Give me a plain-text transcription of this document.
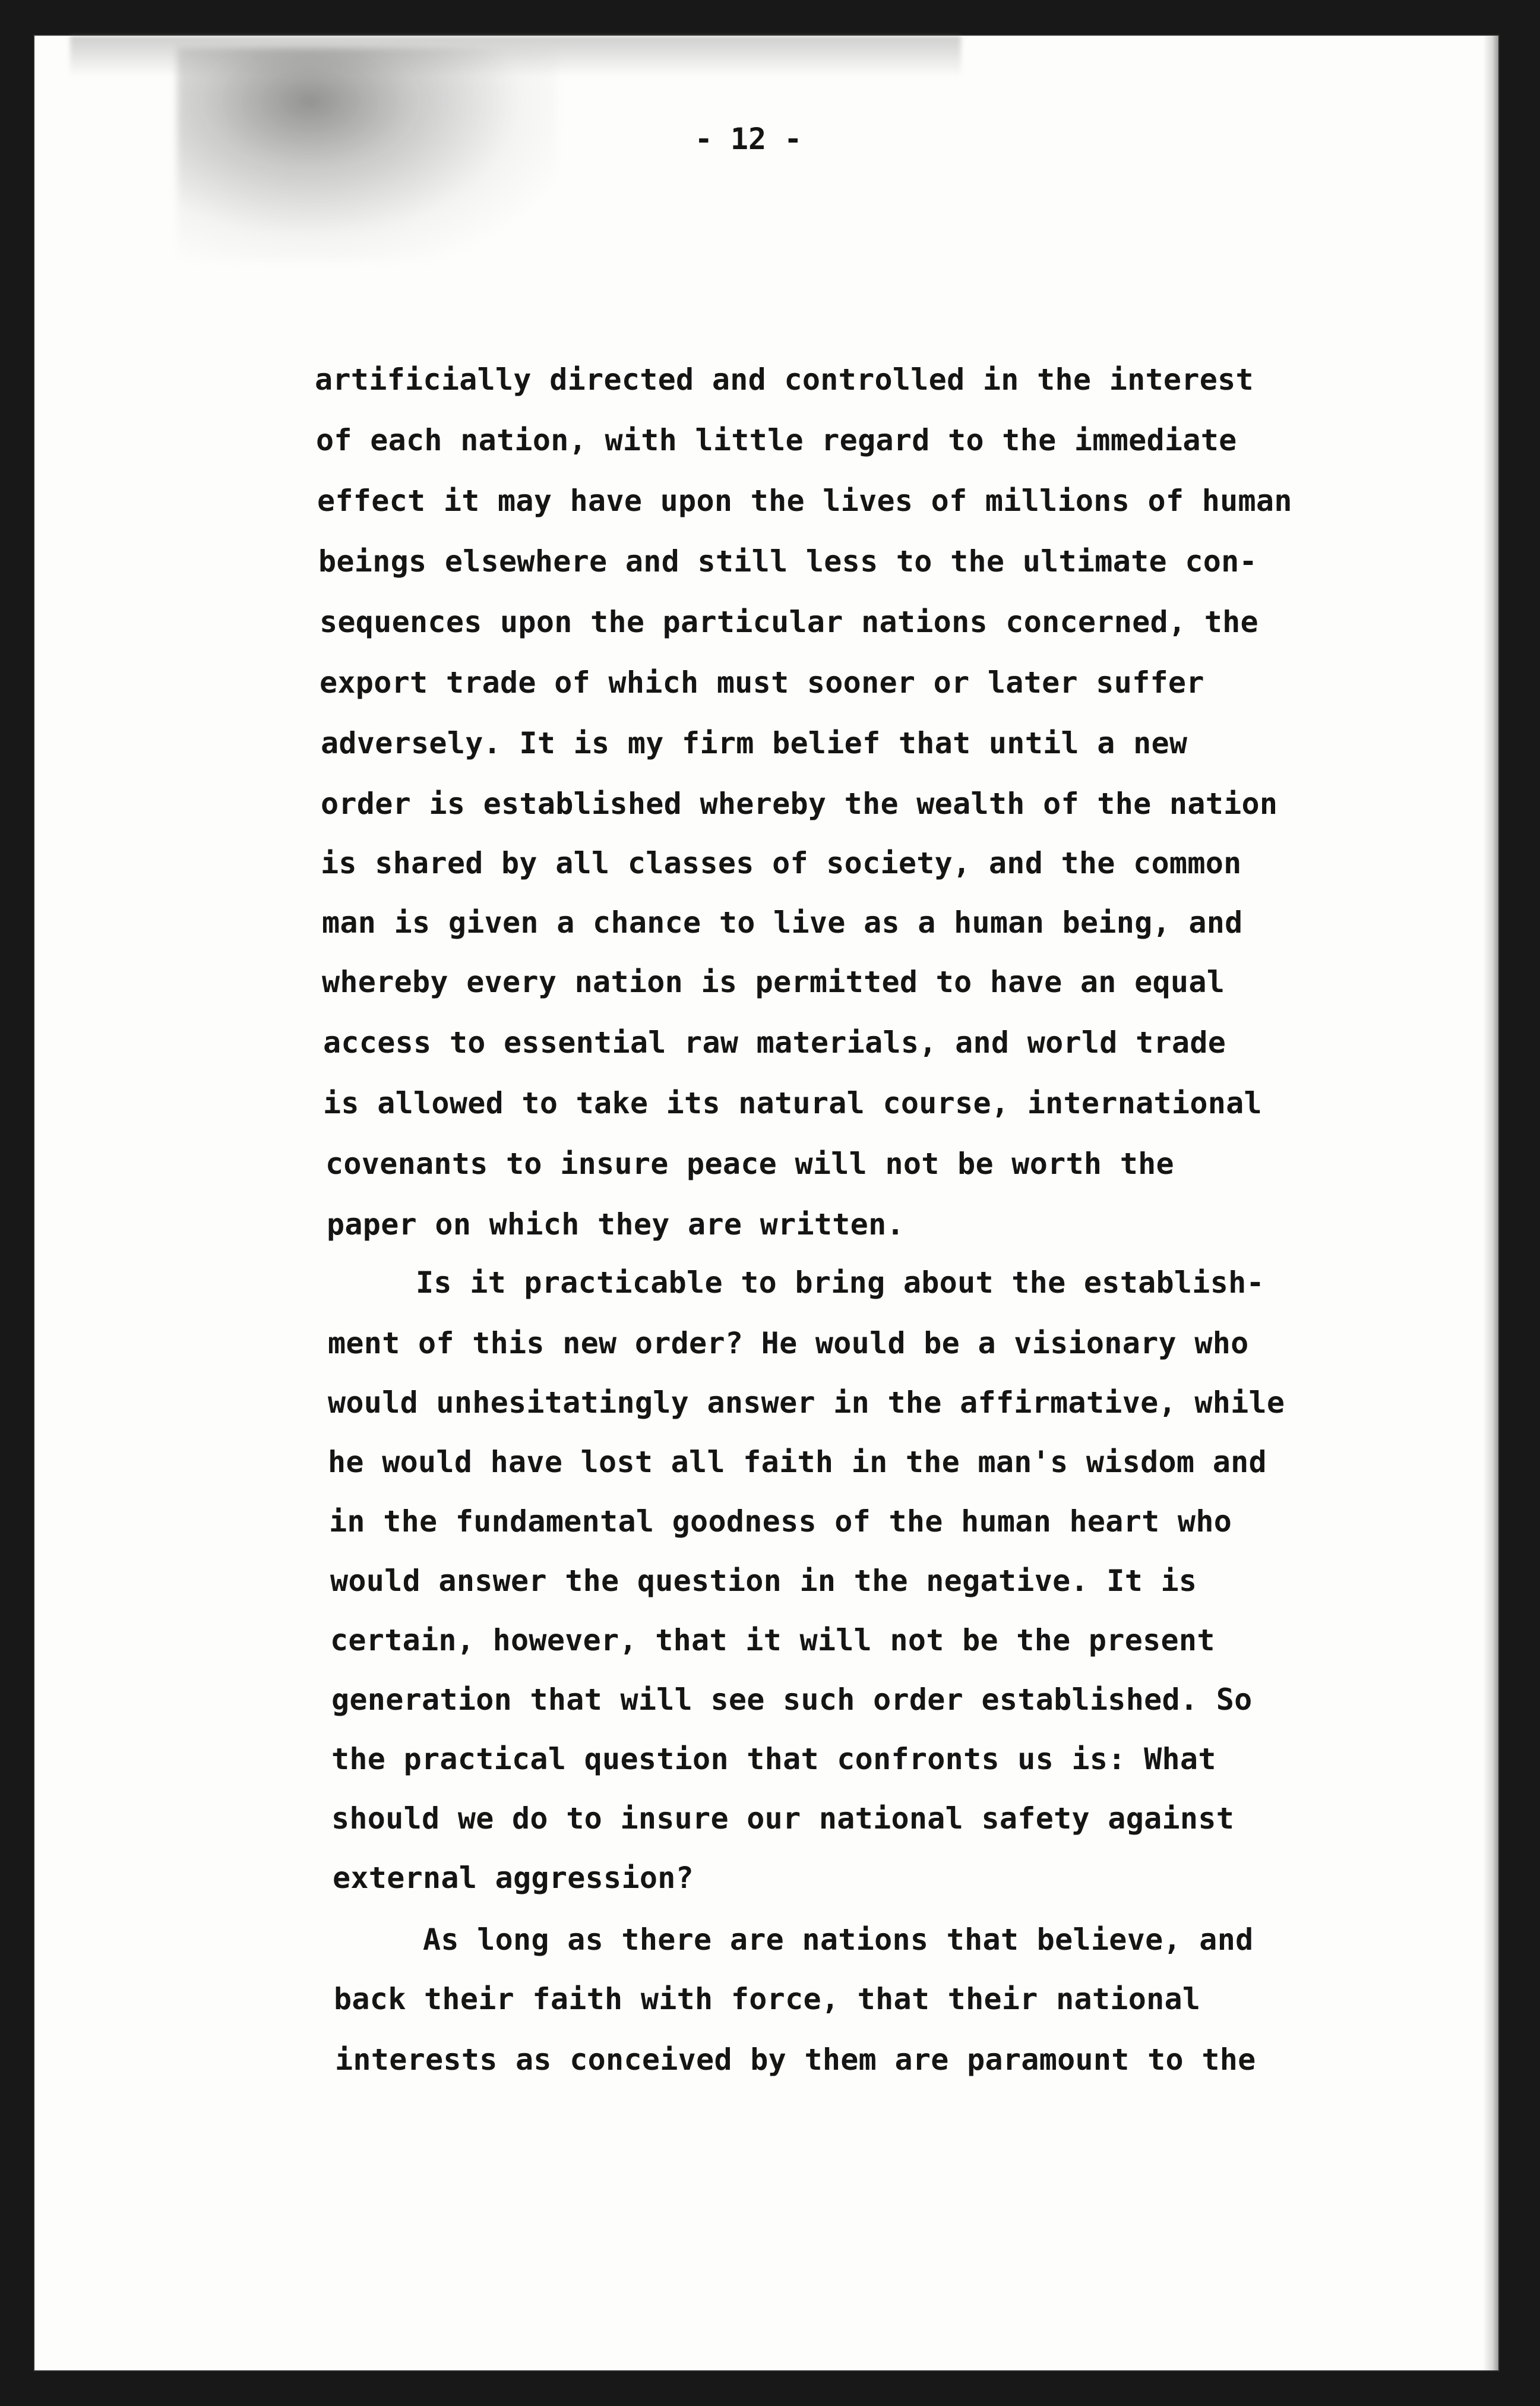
- 12 -
artificially directed and controlled in the interest
of each nation, with little regard to the immediate
effect it may have upon the lives of millions of human
beings elsewhere and still less to the ultimate con-
sequences upon the particular nations concerned, the
export trade of which must sooner or later suffer
adversely. It is my firm belief that until a new
order is established whereby the wealth of the nation
is shared by all classes of society, and the common
man is given a chance to live as a human being, and
whereby every nation is permitted to have an equal
access to essential raw materials, and world trade
is allowed to take its natural course, international
covenants to insure peace will not be worth the
paper on which they are written.
Is it practicable to bring about the establish-
ment of this new order? He would be a visionary who
would unhesitatingly answer in the affirmative, while
he would have lost all faith in the man's wisdom and
in the fundamental goodness of the human heart who
would answer the question in the negative. It is
certain, however, that it will not be the present
generation that will see such order established. So
the practical question that confronts us is: What
should we do to insure our national safety against
external aggression?
As long as there are nations that believe, and
back their faith with force, that their national
interests as conceived by them are paramount to the
